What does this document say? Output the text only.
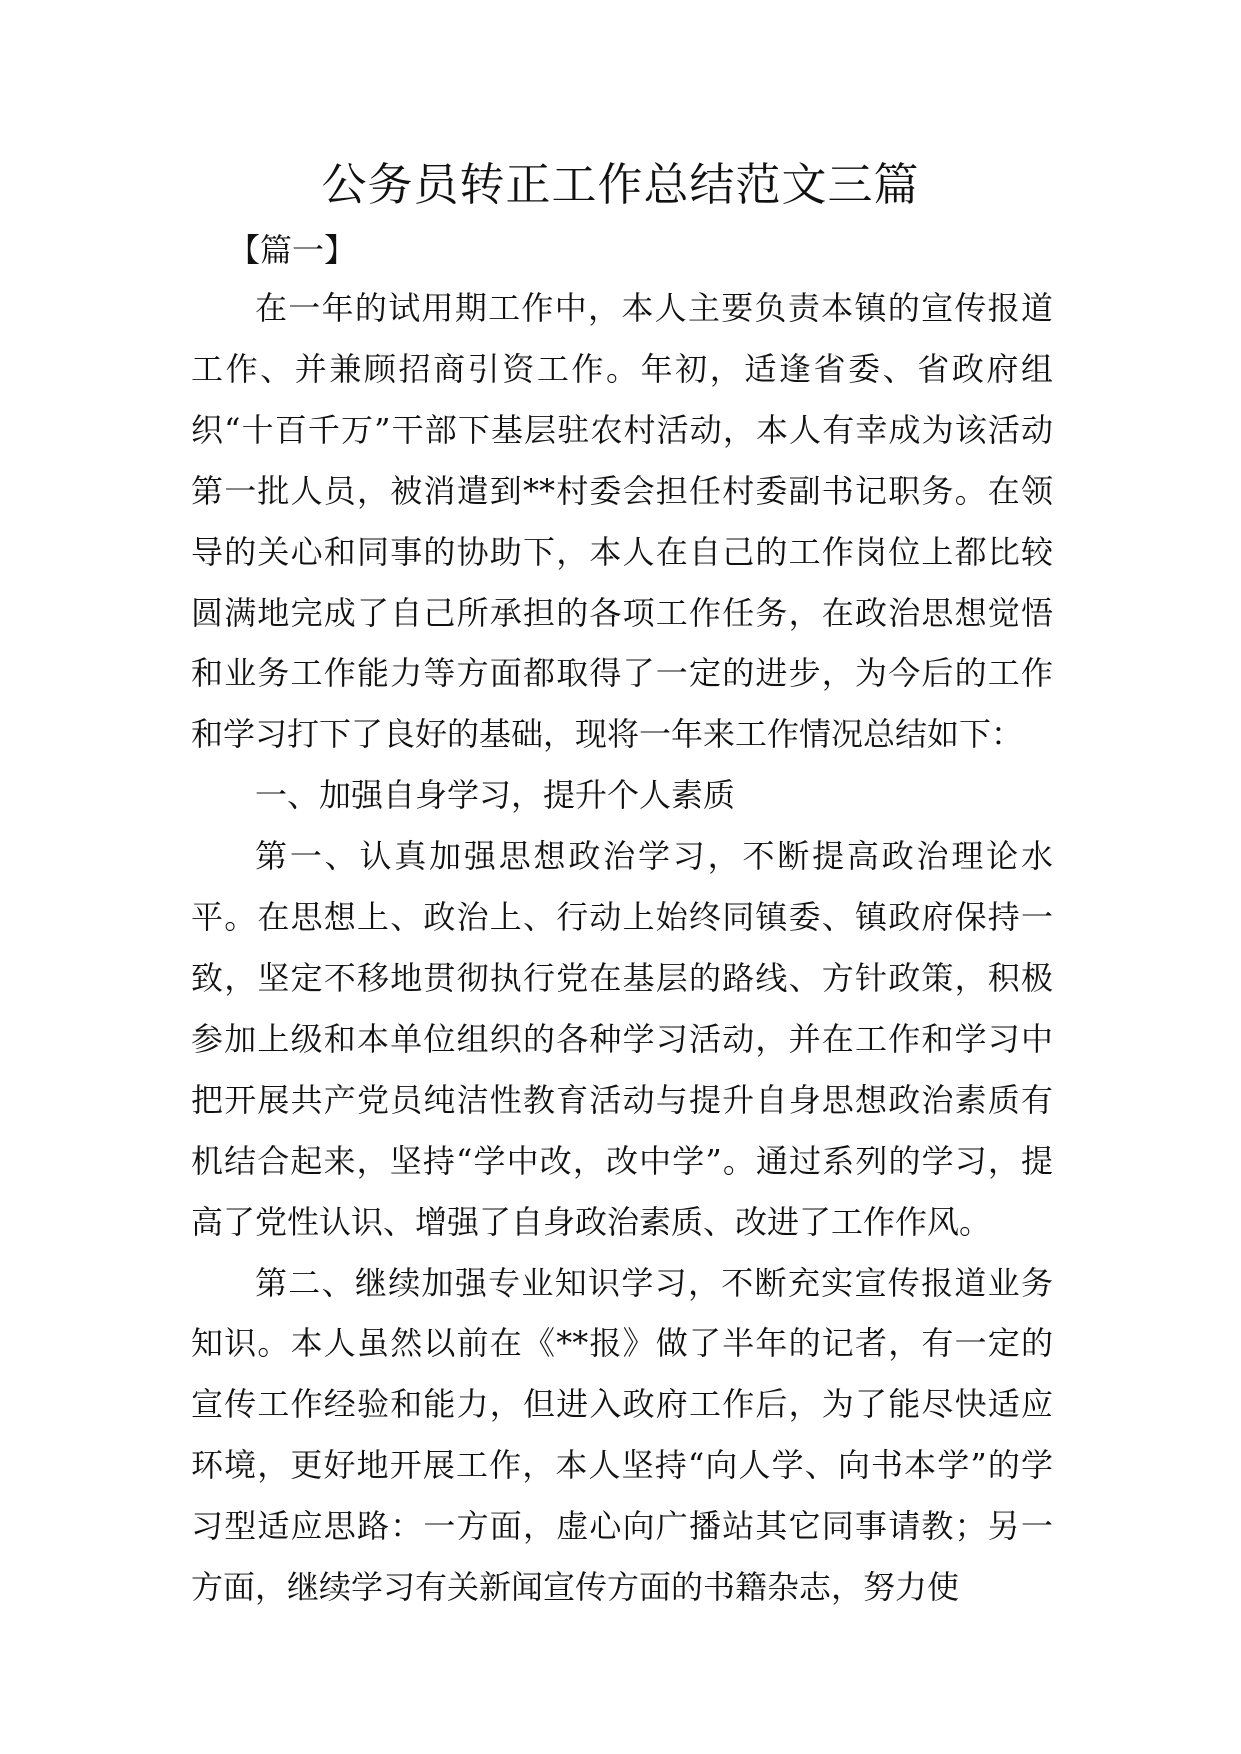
公务员转正工作总结范文三篇
【篇一】

在一年的试用期工作中，本人主要负责本镇的宣传报道工作、并兼顾招商引资工作。年初，适逢省委、省政府组织“十百千万”干部下基层驻农村活动，本人有幸成为该活动第一批人员，被消遣到**村委会担任村委副书记职务。在领导的关心和同事的协助下，本人在自己的工作岗位上都比较圆满地完成了自己所承担的各项工作任务，在政治思想觉悟和业务工作能力等方面都取得了一定的进步，为今后的工作和学习打下了良好的基础，现将一年来工作情况总结如下：

一、加强自身学习，提升个人素质

第一、认真加强思想政治学习，不断提高政治理论水平。在思想上、政治上、行动上始终同镇委、镇政府保持一致，坚定不移地贯彻执行党在基层的路线、方针政策，积极参加上级和本单位组织的各种学习活动，并在工作和学习中把开展共产党员纯洁性教育活动与提升自身思想政治素质有机结合起来，坚持“学中改，改中学”。通过系列的学习，提高了党性认识、增强了自身政治素质、改进了工作作风。

第二、继续加强专业知识学习，不断充实宣传报道业务知识。本人虽然以前在《**报》做了半年的记者，有一定的宣传工作经验和能力，但进入政府工作后，为了能尽快适应环境，更好地开展工作，本人坚持“向人学、向书本学”的学习型适应思路：一方面，虚心向广播站其它同事请教；另一方面，继续学习有关新闻宣传方面的书籍杂志，努力使
